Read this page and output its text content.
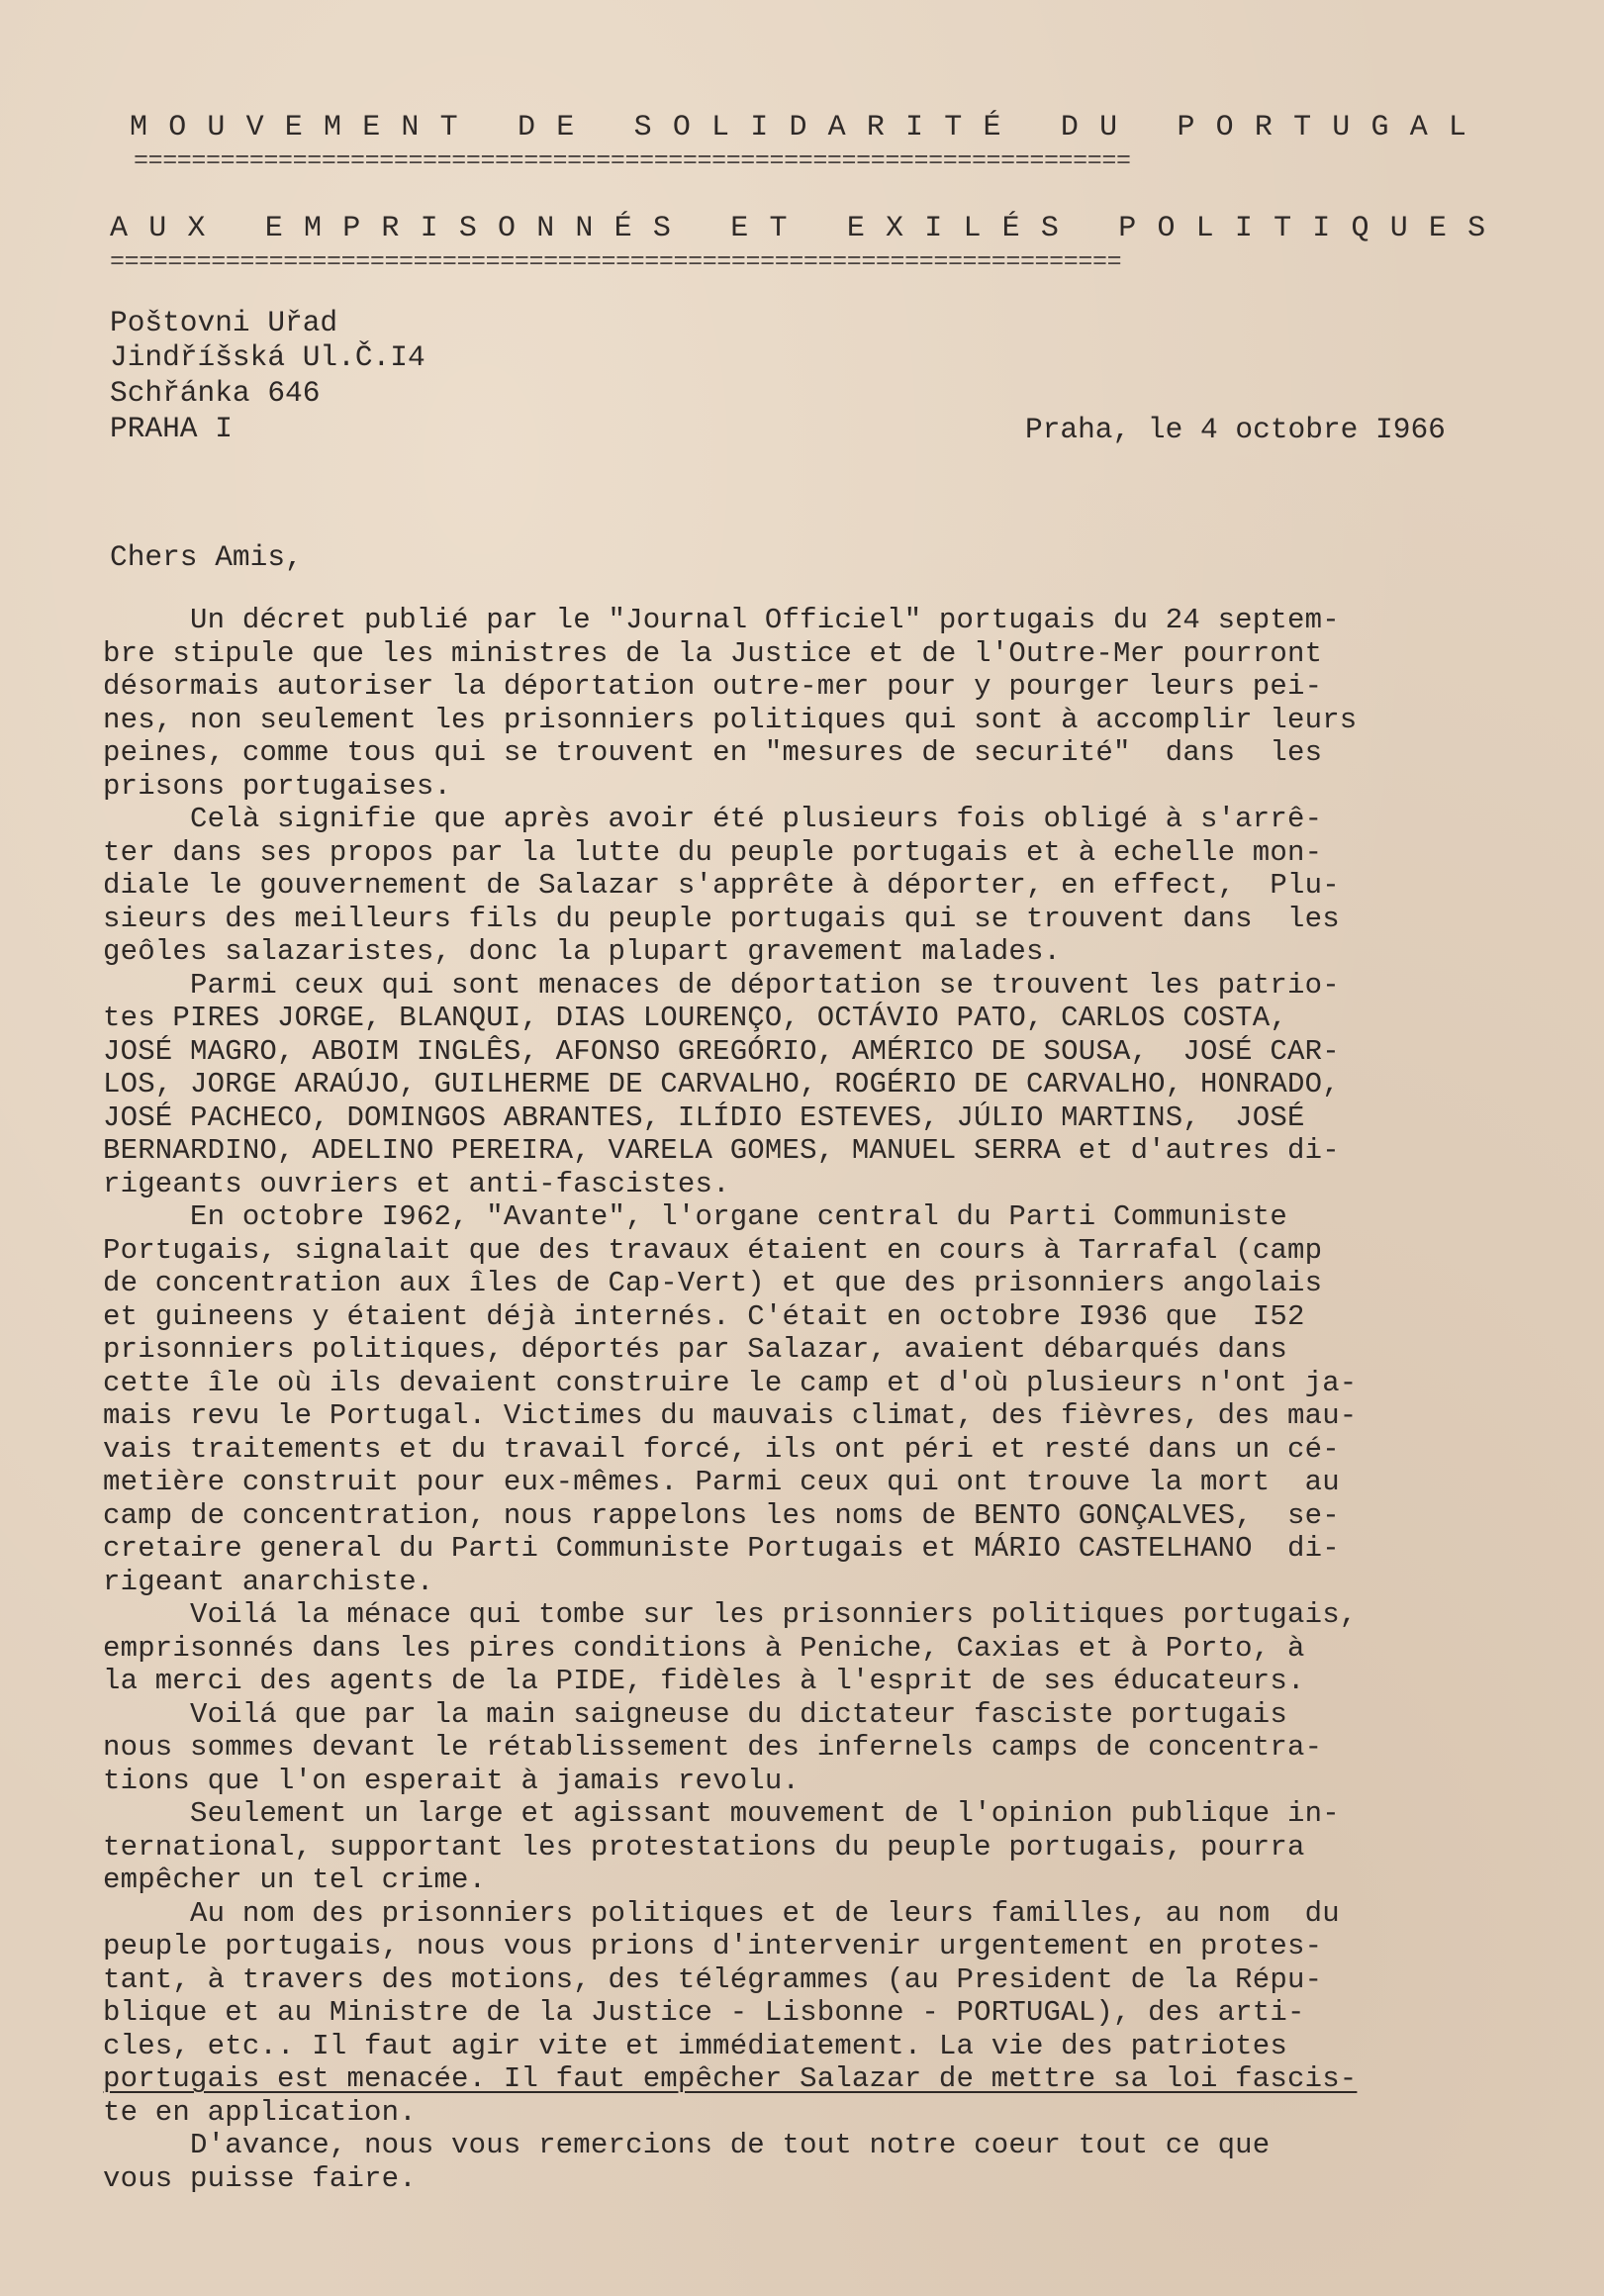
MOUVEMENT DE SOLIDARITÉ DU PORTUGAL
=====================================================================
AUX EMPRISONNÉS ET EXILÉS POLITIQUES
======================================================================
Poštovni Uřad
Jindříšská Ul.Č.I4
Schřánka 646
PRAHA I	Praha, le 4 octobre I966
Chers Amis,
Un décret publié par le "Journal Officiel" portugais du 24 septem-
bre stipule que les ministres de la Justice et de l'Outre-Mer pourront
désormais autoriser la déportation outre-mer pour y pourger leurs pei-
nes, non seulement les prisonniers politiques qui sont à accomplir leurs
peines, comme tous qui se trouvent en "mesures de securité"  dans  les
prisons portugaises.
Celà signifie que après avoir été plusieurs fois obligé à s'arrê-
ter dans ses propos par la lutte du peuple portugais et à echelle mon-
diale le gouvernement de Salazar s'apprête à déporter, en effect,  Plu-
sieurs des meilleurs fils du peuple portugais qui se trouvent dans  les
geôles salazaristes, donc la plupart gravement malades.
Parmi ceux qui sont menaces de déportation se trouvent les patrio-
tes PIRES JORGE, BLANQUI, DIAS LOURENÇO, OCTÁVIO PATO, CARLOS COSTA,
JOSÉ MAGRO, ABOIM INGLÊS, AFONSO GREGÓRIO, AMÉRICO DE SOUSA,  JOSÉ CAR-
LOS, JORGE ARAÚJO, GUILHERME DE CARVALHO, ROGÉRIO DE CARVALHO, HONRADO,
JOSÉ PACHECO, DOMINGOS ABRANTES, ILÍDIO ESTEVES, JÚLIO MARTINS,  JOSÉ
BERNARDINO, ADELINO PEREIRA, VARELA GOMES, MANUEL SERRA et d'autres di-
rigeants ouvriers et anti-fascistes.
En octobre I962, "Avante", l'organe central du Parti Communiste
Portugais, signalait que des travaux étaient en cours à Tarrafal (camp
de concentration aux îles de Cap-Vert) et que des prisonniers angolais
et guineens y étaient déjà internés. C'était en octobre I936 que  I52
prisonniers politiques, déportés par Salazar, avaient débarqués dans
cette île où ils devaient construire le camp et d'où plusieurs n'ont ja-
mais revu le Portugal. Victimes du mauvais climat, des fièvres, des mau-
vais traitements et du travail forcé, ils ont péri et resté dans un cé-
metière construit pour eux-mêmes. Parmi ceux qui ont trouve la mort  au
camp de concentration, nous rappelons les noms de BENTO GONÇALVES,  se-
cretaire general du Parti Communiste Portugais et MÁRIO CASTELHANO  di-
rigeant anarchiste.
Voilá la ménace qui tombe sur les prisonniers politiques portugais,
emprisonnés dans les pires conditions à Peniche, Caxias et à Porto, à
la merci des agents de la PIDE, fidèles à l'esprit de ses éducateurs.
Voilá que par la main saigneuse du dictateur fasciste portugais
nous sommes devant le rétablissement des infernels camps de concentra-
tions que l'on esperait à jamais revolu.
Seulement un large et agissant mouvement de l'opinion publique in-
ternational, supportant les protestations du peuple portugais, pourra
empêcher un tel crime.
Au nom des prisonniers politiques et de leurs familles, au nom  du
peuple portugais, nous vous prions d'intervenir urgentement en protes-
tant, à travers des motions, des télégrammes (au President de la Répu-
blique et au Ministre de la Justice - Lisbonne - PORTUGAL), des arti-
cles, etc.. Il faut agir vite et immédiatement. La vie des patriotes
portugais est menacée. Il faut empêcher Salazar de mettre sa loi fascis-
te en application.
D'avance, nous vous remercions de tout notre coeur tout ce que
vous puisse faire.
